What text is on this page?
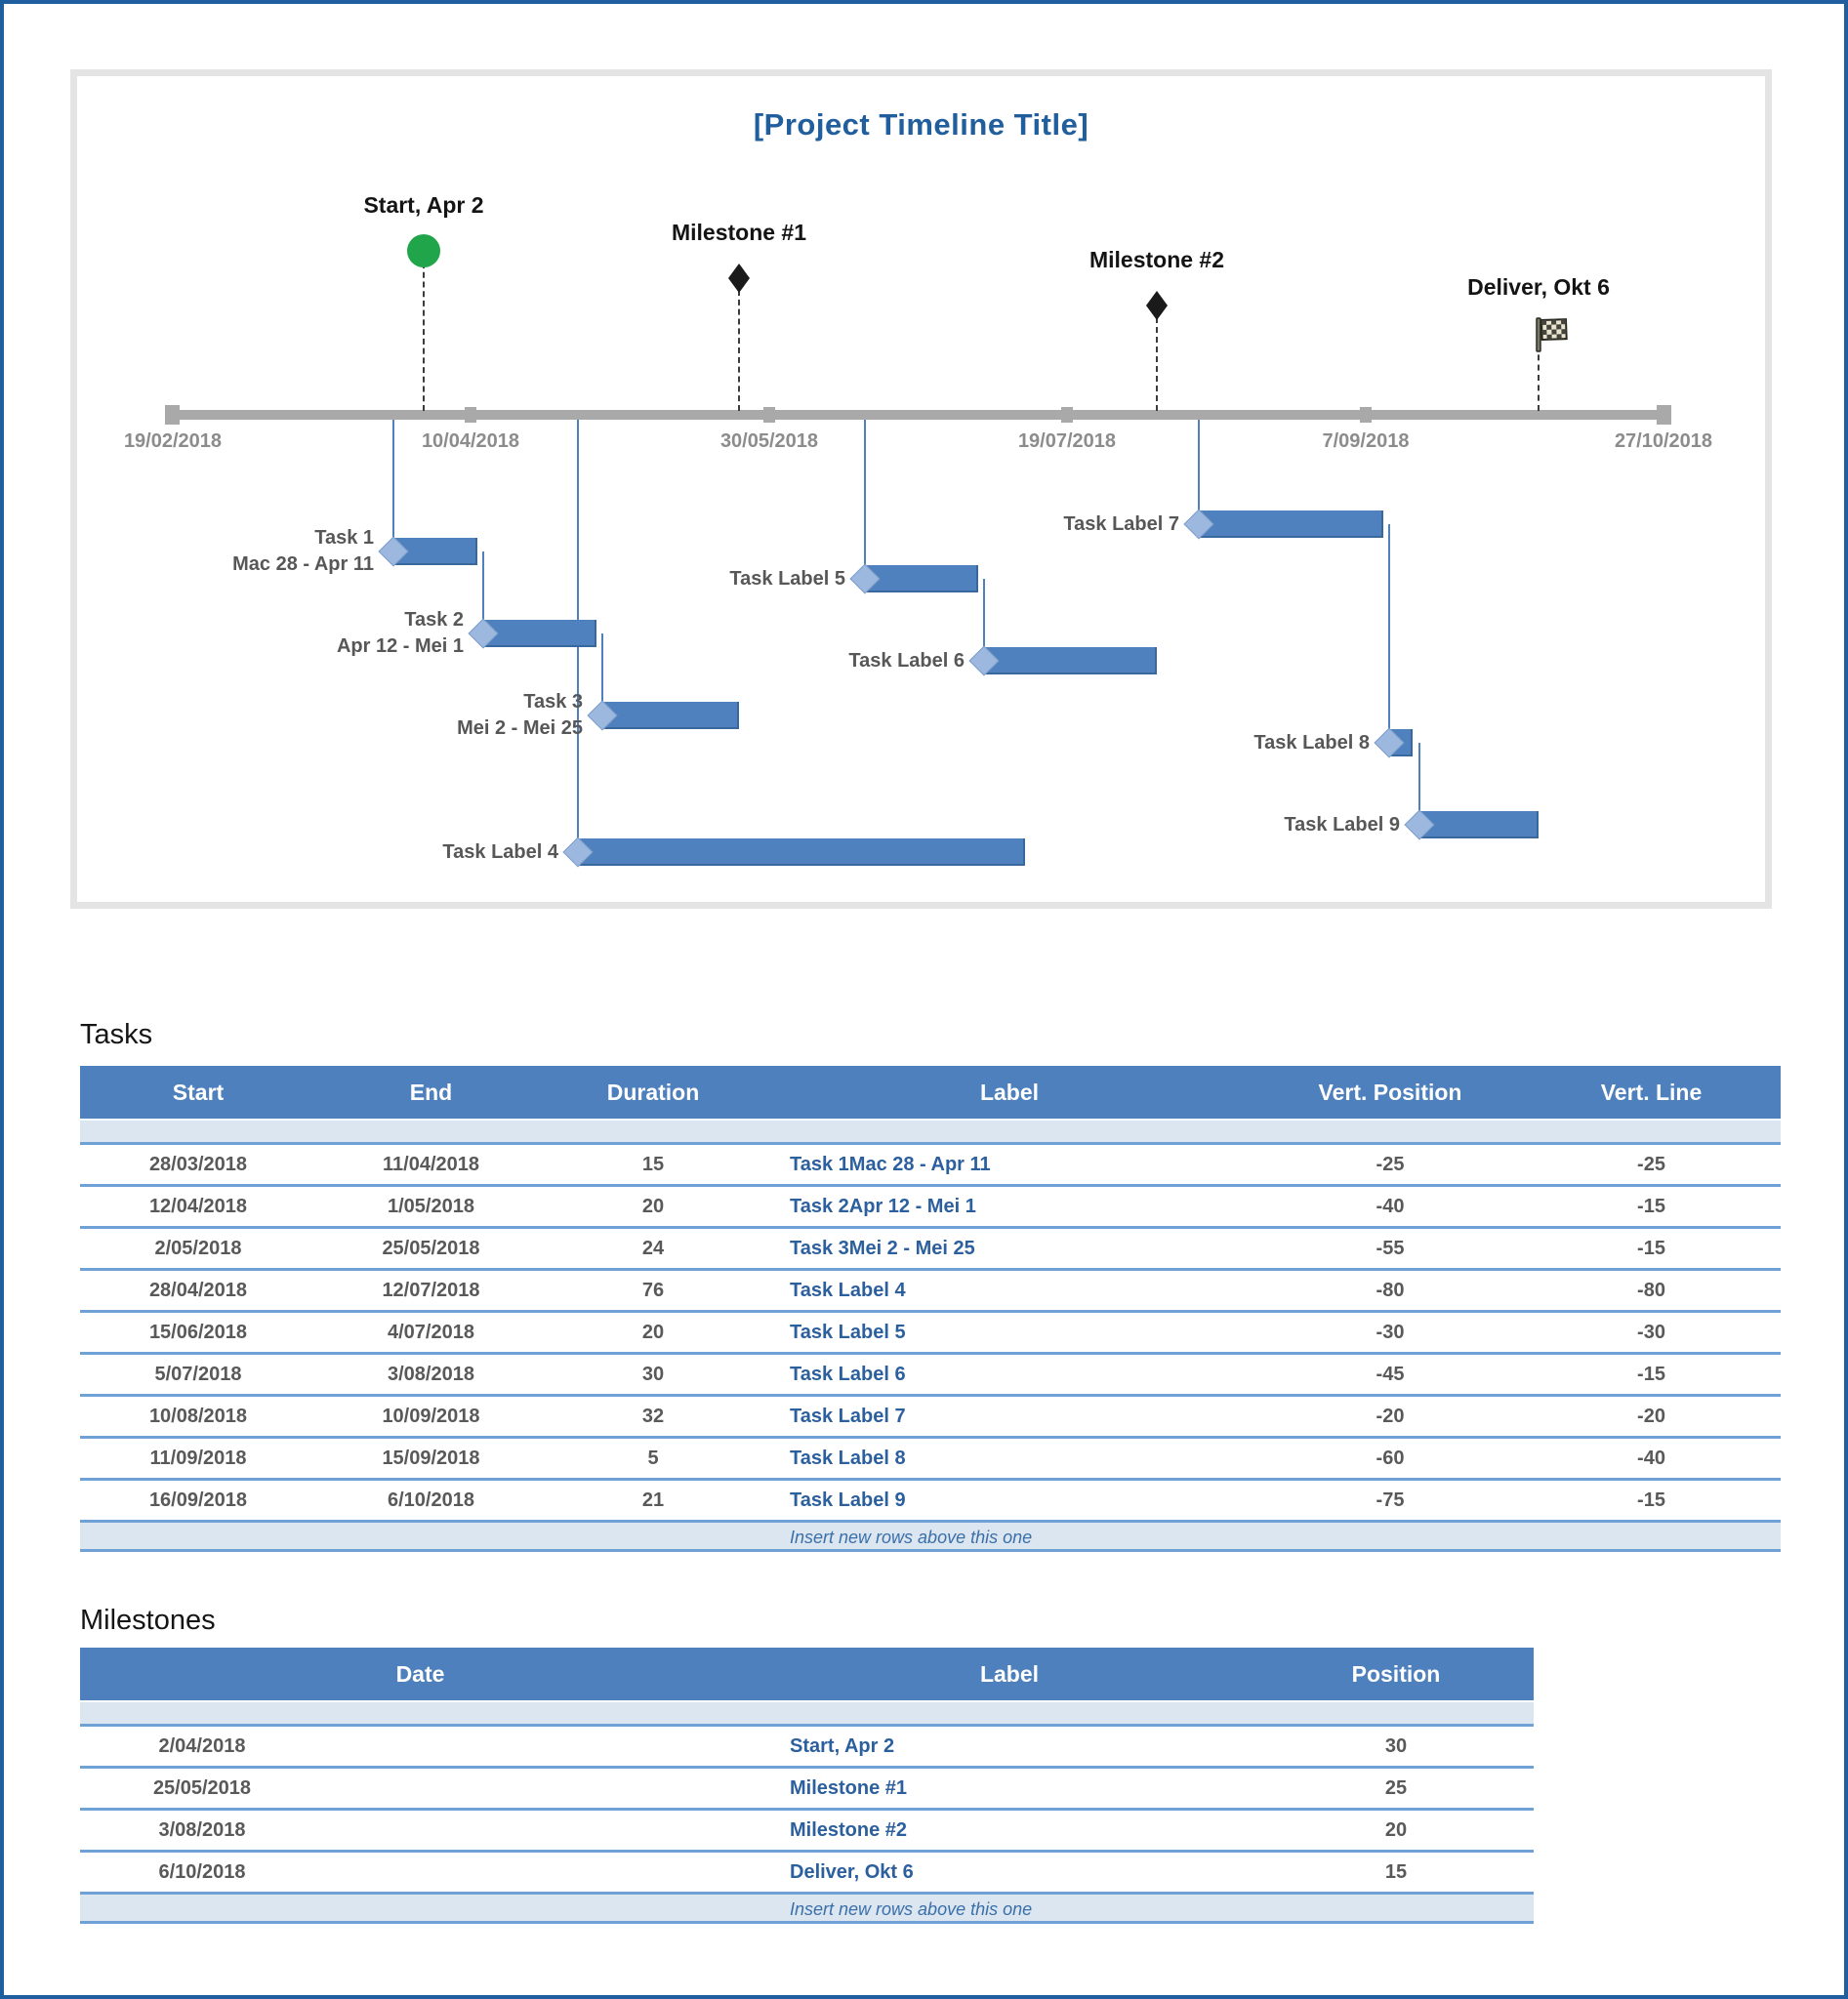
[Project Timeline Title]
19/02/2018	10/04/2018	30/05/2018	19/07/2018	7/09/2018	27/10/2018
Start, Apr 2
Milestone #1
Milestone #2
Deliver, Okt 6
Task 1
Mac 28 - Apr 11
Task 2
Apr 12 - Mei 1
Task 3
Mei 2 - Mei 25
Task Label 4
Task Label 5
Task Label 6
Task Label 7
Task Label 8
Task Label 9
Tasks
Start	End	Duration	Label	Vert. Position	Vert. Line
28/03/2018	11/04/2018	15	Task 1Mac 28 - Apr 11	-25	-25
12/04/2018	1/05/2018	20	Task 2Apr 12 - Mei 1	-40	-15
2/05/2018	25/05/2018	24	Task 3Mei 2 - Mei 25	-55	-15
28/04/2018	12/07/2018	76	Task Label 4	-80	-80
15/06/2018	4/07/2018	20	Task Label 5	-30	-30
5/07/2018	3/08/2018	30	Task Label 6	-45	-15
10/08/2018	10/09/2018	32	Task Label 7	-20	-20
11/09/2018	15/09/2018	5	Task Label 8	-60	-40
16/09/2018	6/10/2018	21	Task Label 9	-75	-15
Insert new rows above this one
Milestones
Date	Label	Position
2/04/2018	Start, Apr 2	30
25/05/2018	Milestone #1	25
3/08/2018	Milestone #2	20
6/10/2018	Deliver, Okt 6	15
Insert new rows above this one
